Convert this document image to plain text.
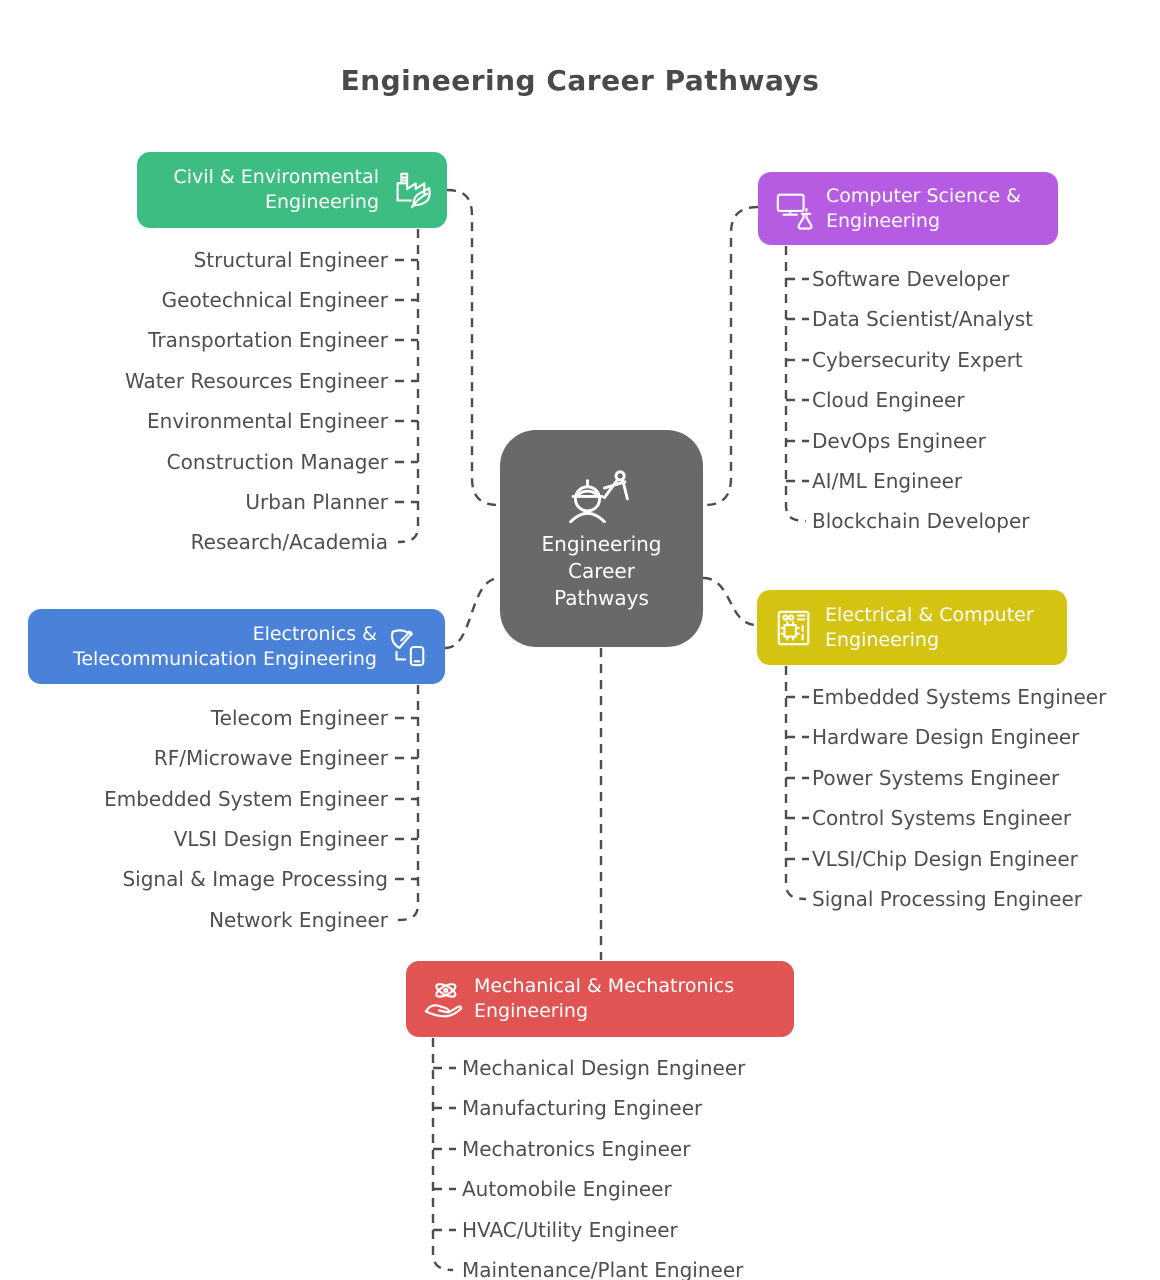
Engineering Career Pathways
Civil & Environmental
Engineering	Computer Science &
Engineering
Electronics &
Telecommunication Engineering
Electrical & Computer
Engineering
Mechanical & Mechatronics
Engineering
Engineering
Career
Pathways
Structural Engineer
Geotechnical Engineer
Transportation Engineer
Water Resources Engineer
Environmental Engineer
Construction Manager
Urban Planner
Research/Academia
Software Developer
Data Scientist/Analyst
Cybersecurity Expert
Cloud Engineer
DevOps Engineer
AI/ML Engineer
Blockchain Developer
Telecom Engineer
RF/Microwave Engineer
Embedded System Engineer
VLSI Design Engineer
Signal & Image Processing
Network Engineer
Embedded Systems Engineer
Hardware Design Engineer
Power Systems Engineer
Control Systems Engineer
VLSI/Chip Design Engineer
Signal Processing Engineer
Mechanical Design Engineer
Manufacturing Engineer
Mechatronics Engineer
Automobile Engineer
HVAC/Utility Engineer
Maintenance/Plant Engineer
